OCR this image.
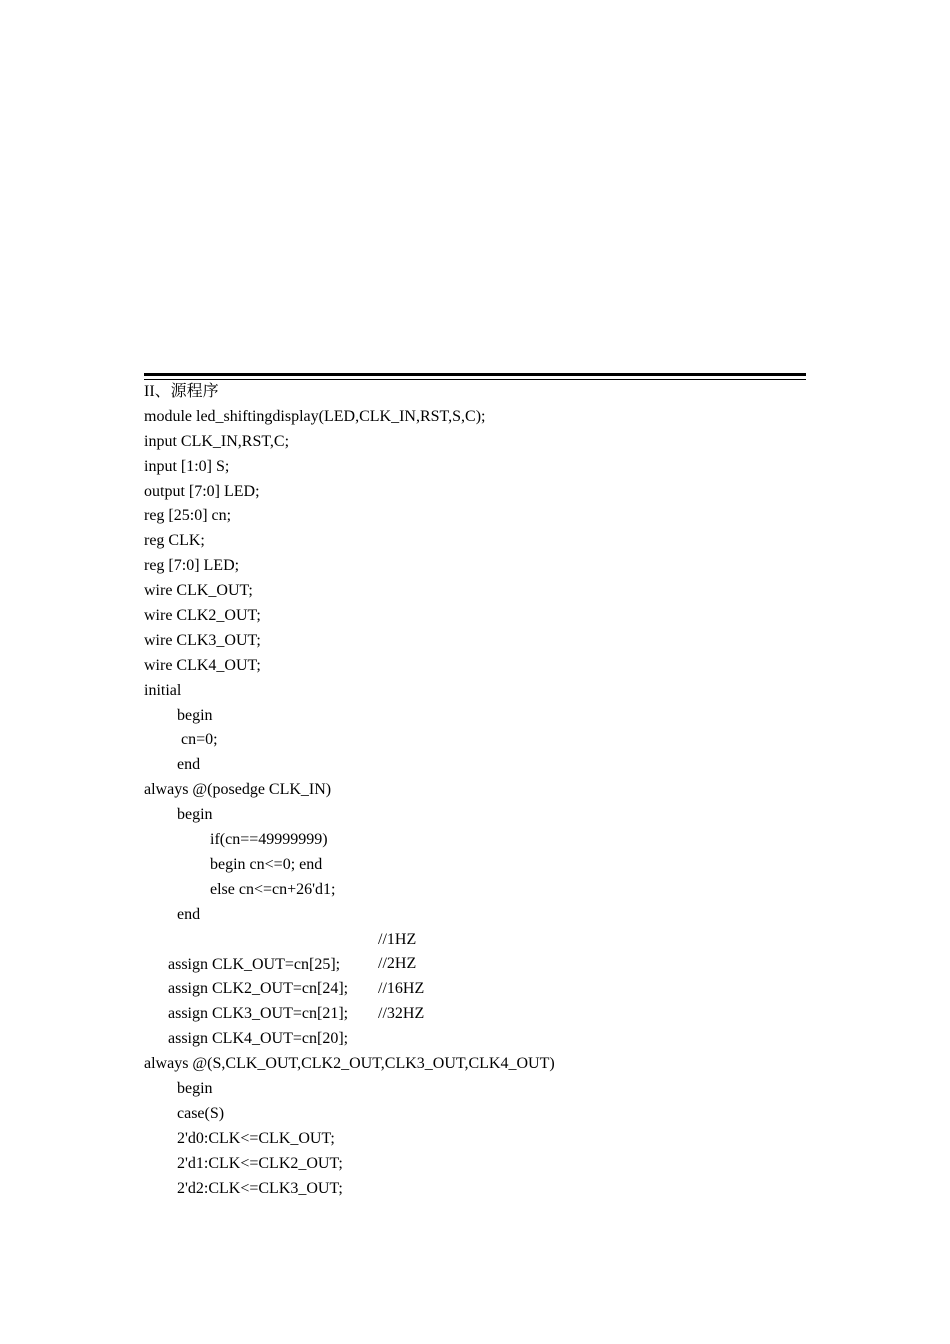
II、源程序
module led_shiftingdisplay(LED,CLK_IN,RST,S,C);
input CLK_IN,RST,C;
input [1:0] S;
output [7:0] LED;
reg [25:0] cn;
reg CLK;
reg [7:0] LED;
wire CLK_OUT;
wire CLK2_OUT;
wire CLK3_OUT;
wire CLK4_OUT;
initial
begin
cn=0;
end
always @(posedge CLK_IN)
begin
if(cn==49999999)
begin cn<=0; end
else cn<=cn+26'd1;
end

assign CLK_OUT=cn[25];

//1HZ

assign CLK2_OUT=cn[24];

//2HZ

assign CLK3_OUT=cn[21];

//16HZ

assign CLK4_OUT=cn[20];

//32HZ

always @(S,CLK_OUT,CLK2_OUT,CLK3_OUT,CLK4_OUT)
begin
case(S)
2'd0:CLK<=CLK_OUT;
2'd1:CLK<=CLK2_OUT;
2'd2:CLK<=CLK3_OUT;
